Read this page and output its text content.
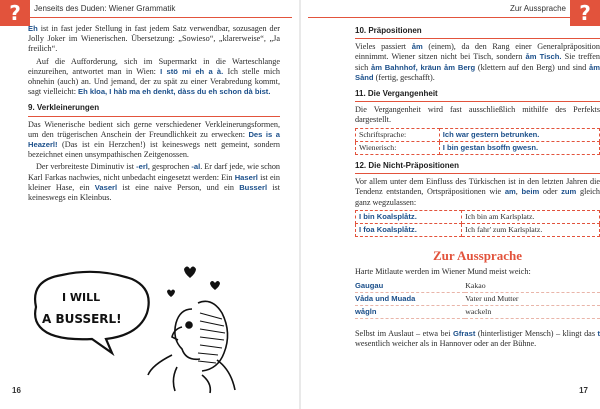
?	Jenseits des Duden: Wiener Grammatik

Eh ist in fast jeder Stellung in fast jedem Satz verwendbar, sozusagen der Jolly Joker im Wienerischen. Übersetzung: „Sowieso“, „klarerweise“, „Ja freilich“.

Auf die Aufforderung, sich im Supermarkt in die Warteschlange einzureihen, antwortet man in Wien: I stö mi eh a à. Ich stelle mich ohnehin (auch) an. Und jemand, der zu spät zu einer Verabredung kommt, sagt vielleicht: Eh kloa, I hàb ma eh denkt, dàss du eh schon dà bist.

9. Verkleinerungen

Das Wienerische bedient sich gerne verschiedener Verkleinerungsformen, um den trügerischen Anschein der Freundlichkeit zu erwecken: Des is a Heazerl! (Das ist ein Herzchen!) ist keineswegs nett gemeint, sondern bezeichnet einen unsympathischen Zeitgenossen.

Der verbreiteste Diminutiv ist -erl, gesprochen -al. Er darf jede, wie schon Karl Farkas nachwies, nicht unbedacht eingesetzt werden: Ein Haserl ist ein kleiner Hase, ein Vaserl ist eine naive Person, und ein Busserl ist keineswegs ein Kleinbus.

I WILL
A BUSSERL!
16
?
Zur Aussprache
10. Präpositionen

Vieles passiert åm (einem), da den Rang einer Generalpräposition einnimmt. Wiener sitzen nicht bei Tisch, sondern åm Tisch. Sie treffen sich åm Bahnhof, kräun åm Berg (klettern auf den Berg) und sind åm Sånd (fertig, geschafft).

11. Die Vergangenheit

Die Vergangenheit wird fast ausschließlich mithilfe des Perfekts dargestellt.

Schriftsprache:	Ich war gestern betrunken.
Wienerisch:	I bin gestan bsoffn gwesn.
12. Die Nicht-Präpositionen

Vor allem unter dem Einfluss des Türkischen ist in den letzten Jahren die Tendenz entstanden, Ortspräpositionen wie am, beim oder zum gleich ganz wegzulassen:

I bin Koalsplåtz.	Ich bin am Karlsplatz.
I foa Koalsplåtz.	Ich fahr' zum Karlsplatz.
Zur Aussprache

Harte Mitlaute werden im Wiener Mund meist weich:

Gaugau	Kakao
Våda und Muada	Vater und Mutter
wågln	wackeln

Selbst im Auslaut – etwa bei Gfrast (hinterlistiger Mensch) – klingt das t wesentlich weicher als in Hannover oder an der Bühne.

17
